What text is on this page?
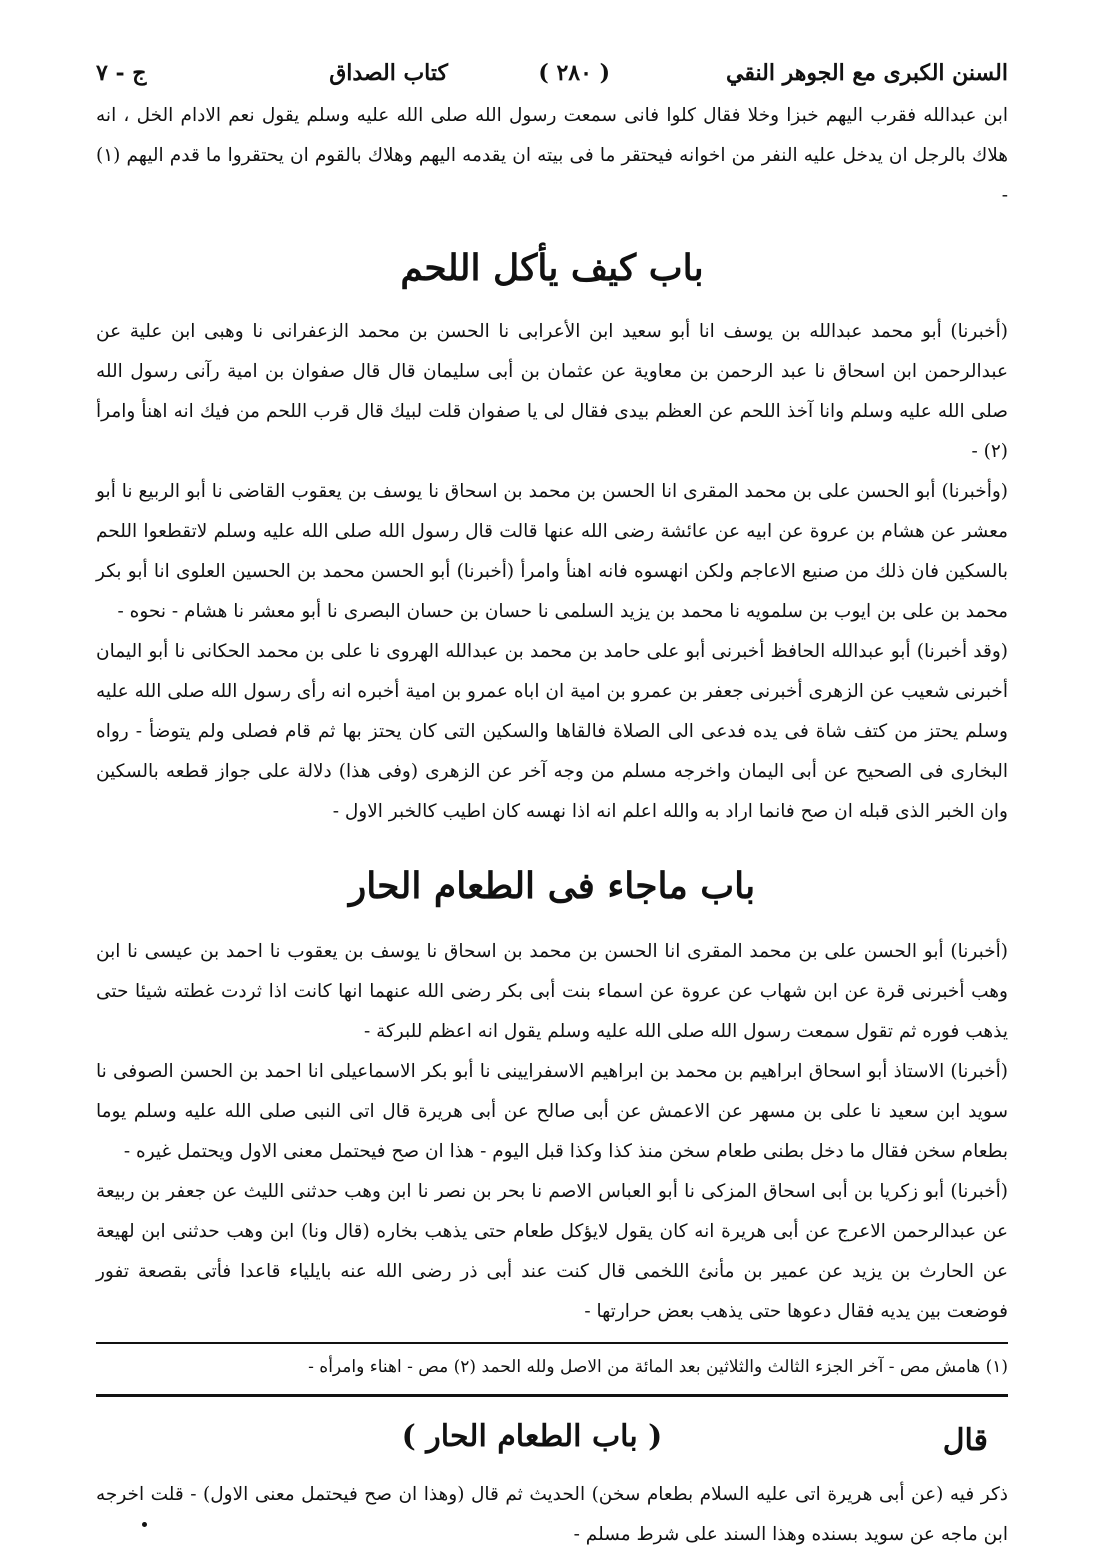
السنن الكبرى مع الجوهر النقي
( ٢٨٠ )
كتاب الصداق
ج - ٧

ابن عبدالله فقرب اليهم خبزا وخلا فقال كلوا فانى سمعت رسول الله صلى الله عليه وسلم يقول نعم الادام الخل ، انه هلاك بالرجل ان يدخل عليه النفر من اخوانه فيحتقر ما فى بيته ان يقدمه اليهم وهلاك بالقوم ان يحتقروا ما قدم اليهم (١) -

باب كيف يأكل اللحم

(أخبرنا) أبو محمد عبدالله بن يوسف انا أبو سعيد ابن الأعرابى نا الحسن بن محمد الزعفرانى نا وهبى ابن علية عن عبدالرحمن ابن اسحاق نا عبد الرحمن بن معاوية عن عثمان بن أبى سليمان قال قال صفوان بن امية رآنى رسول الله صلى الله عليه وسلم وانا آخذ اللحم عن العظم بيدى فقال لى يا صفوان قلت لبيك قال قرب اللحم من فيك انه اهنأ وامرأ (٢) -

(وأخبرنا) أبو الحسن على بن محمد المقرى انا الحسن بن محمد بن اسحاق نا يوسف بن يعقوب القاضى نا أبو الربيع نا أبو معشر عن هشام بن عروة عن ابيه عن عائشة رضى الله عنها قالت قال رسول الله صلى الله عليه وسلم لاتقطعوا اللحم بالسكين فان ذلك من صنيع الاعاجم ولكن انهسوه فانه اهنأ وامرأ (أخبرنا) أبو الحسن محمد بن الحسين العلوى انا أبو بكر محمد بن على بن ايوب بن سلمويه نا محمد بن يزيد السلمى نا حسان بن حسان البصرى نا أبو معشر نا هشام - نحوه -

(وقد أخبرنا) أبو عبدالله الحافظ أخبرنى أبو على حامد بن محمد بن عبدالله الهروى نا على بن محمد الحكانى نا أبو اليمان أخبرنى شعيب عن الزهرى أخبرنى جعفر بن عمرو بن امية ان اباه عمرو بن امية أخبره انه رأى رسول الله صلى الله عليه وسلم يحتز من كتف شاة فى يده فدعى الى الصلاة فالقاها والسكين التى كان يحتز بها ثم قام فصلى ولم يتوضأ - رواه البخارى فى الصحيح عن أبى اليمان واخرجه مسلم من وجه آخر عن الزهرى (وفى هذا) دلالة على جواز قطعه بالسكين وان الخبر الذى قبله ان صح فانما اراد به والله اعلم انه اذا نهسه كان اطيب كالخبر الاول -

باب ماجاء فى الطعام الحار

(أخبرنا) أبو الحسن على بن محمد المقرى انا الحسن بن محمد بن اسحاق نا يوسف بن يعقوب نا احمد بن عيسى نا ابن وهب أخبرنى قرة عن ابن شهاب عن عروة عن اسماء بنت أبى بكر رضى الله عنهما انها كانت اذا ثردت غطته شيئا حتى يذهب فوره ثم تقول سمعت رسول الله صلى الله عليه وسلم يقول انه اعظم للبركة -

(أخبرنا) الاستاذ أبو اسحاق ابراهيم بن محمد بن ابراهيم الاسفرايينى نا أبو بكر الاسماعيلى انا احمد بن الحسن الصوفى نا سويد ابن سعيد نا على بن مسهر عن الاعمش عن أبى صالح عن أبى هريرة قال اتى النبى صلى الله عليه وسلم يوما بطعام سخن فقال ما دخل بطنى طعام سخن منذ كذا وكذا قبل اليوم - هذا ان صح فيحتمل معنى الاول ويحتمل غيره -

(أخبرنا) أبو زكريا بن أبى اسحاق المزكى نا أبو العباس الاصم نا بحر بن نصر نا ابن وهب حدثنى الليث عن جعفر بن ربيعة عن عبدالرحمن الاعرج عن أبى هريرة انه كان يقول لايؤكل طعام حتى يذهب بخاره (قال ونا) ابن وهب حدثنى ابن لهيعة عن الحارث بن يزيد عن عمير بن مأنئ اللخمى قال كنت عند أبى ذر رضى الله عنه بايلياء قاعدا فأتى بقصعة تفور فوضعت بين يديه فقال دعوها حتى يذهب بعض حرارتها -

(١) هامش مص - آخر الجزء الثالث والثلاثين بعد المائة من الاصل ولله الحمد (٢) مص - اهناء وامرأه -
قال
( باب الطعام الحار )

ذكر فيه (عن أبى هريرة اتى عليه السلام بطعام سخن) الحديث ثم قال (وهذا ان صح فيحتمل معنى الاول) - قلت اخرجه ابن ماجه عن سويد بسنده وهذا السند على شرط مسلم -
